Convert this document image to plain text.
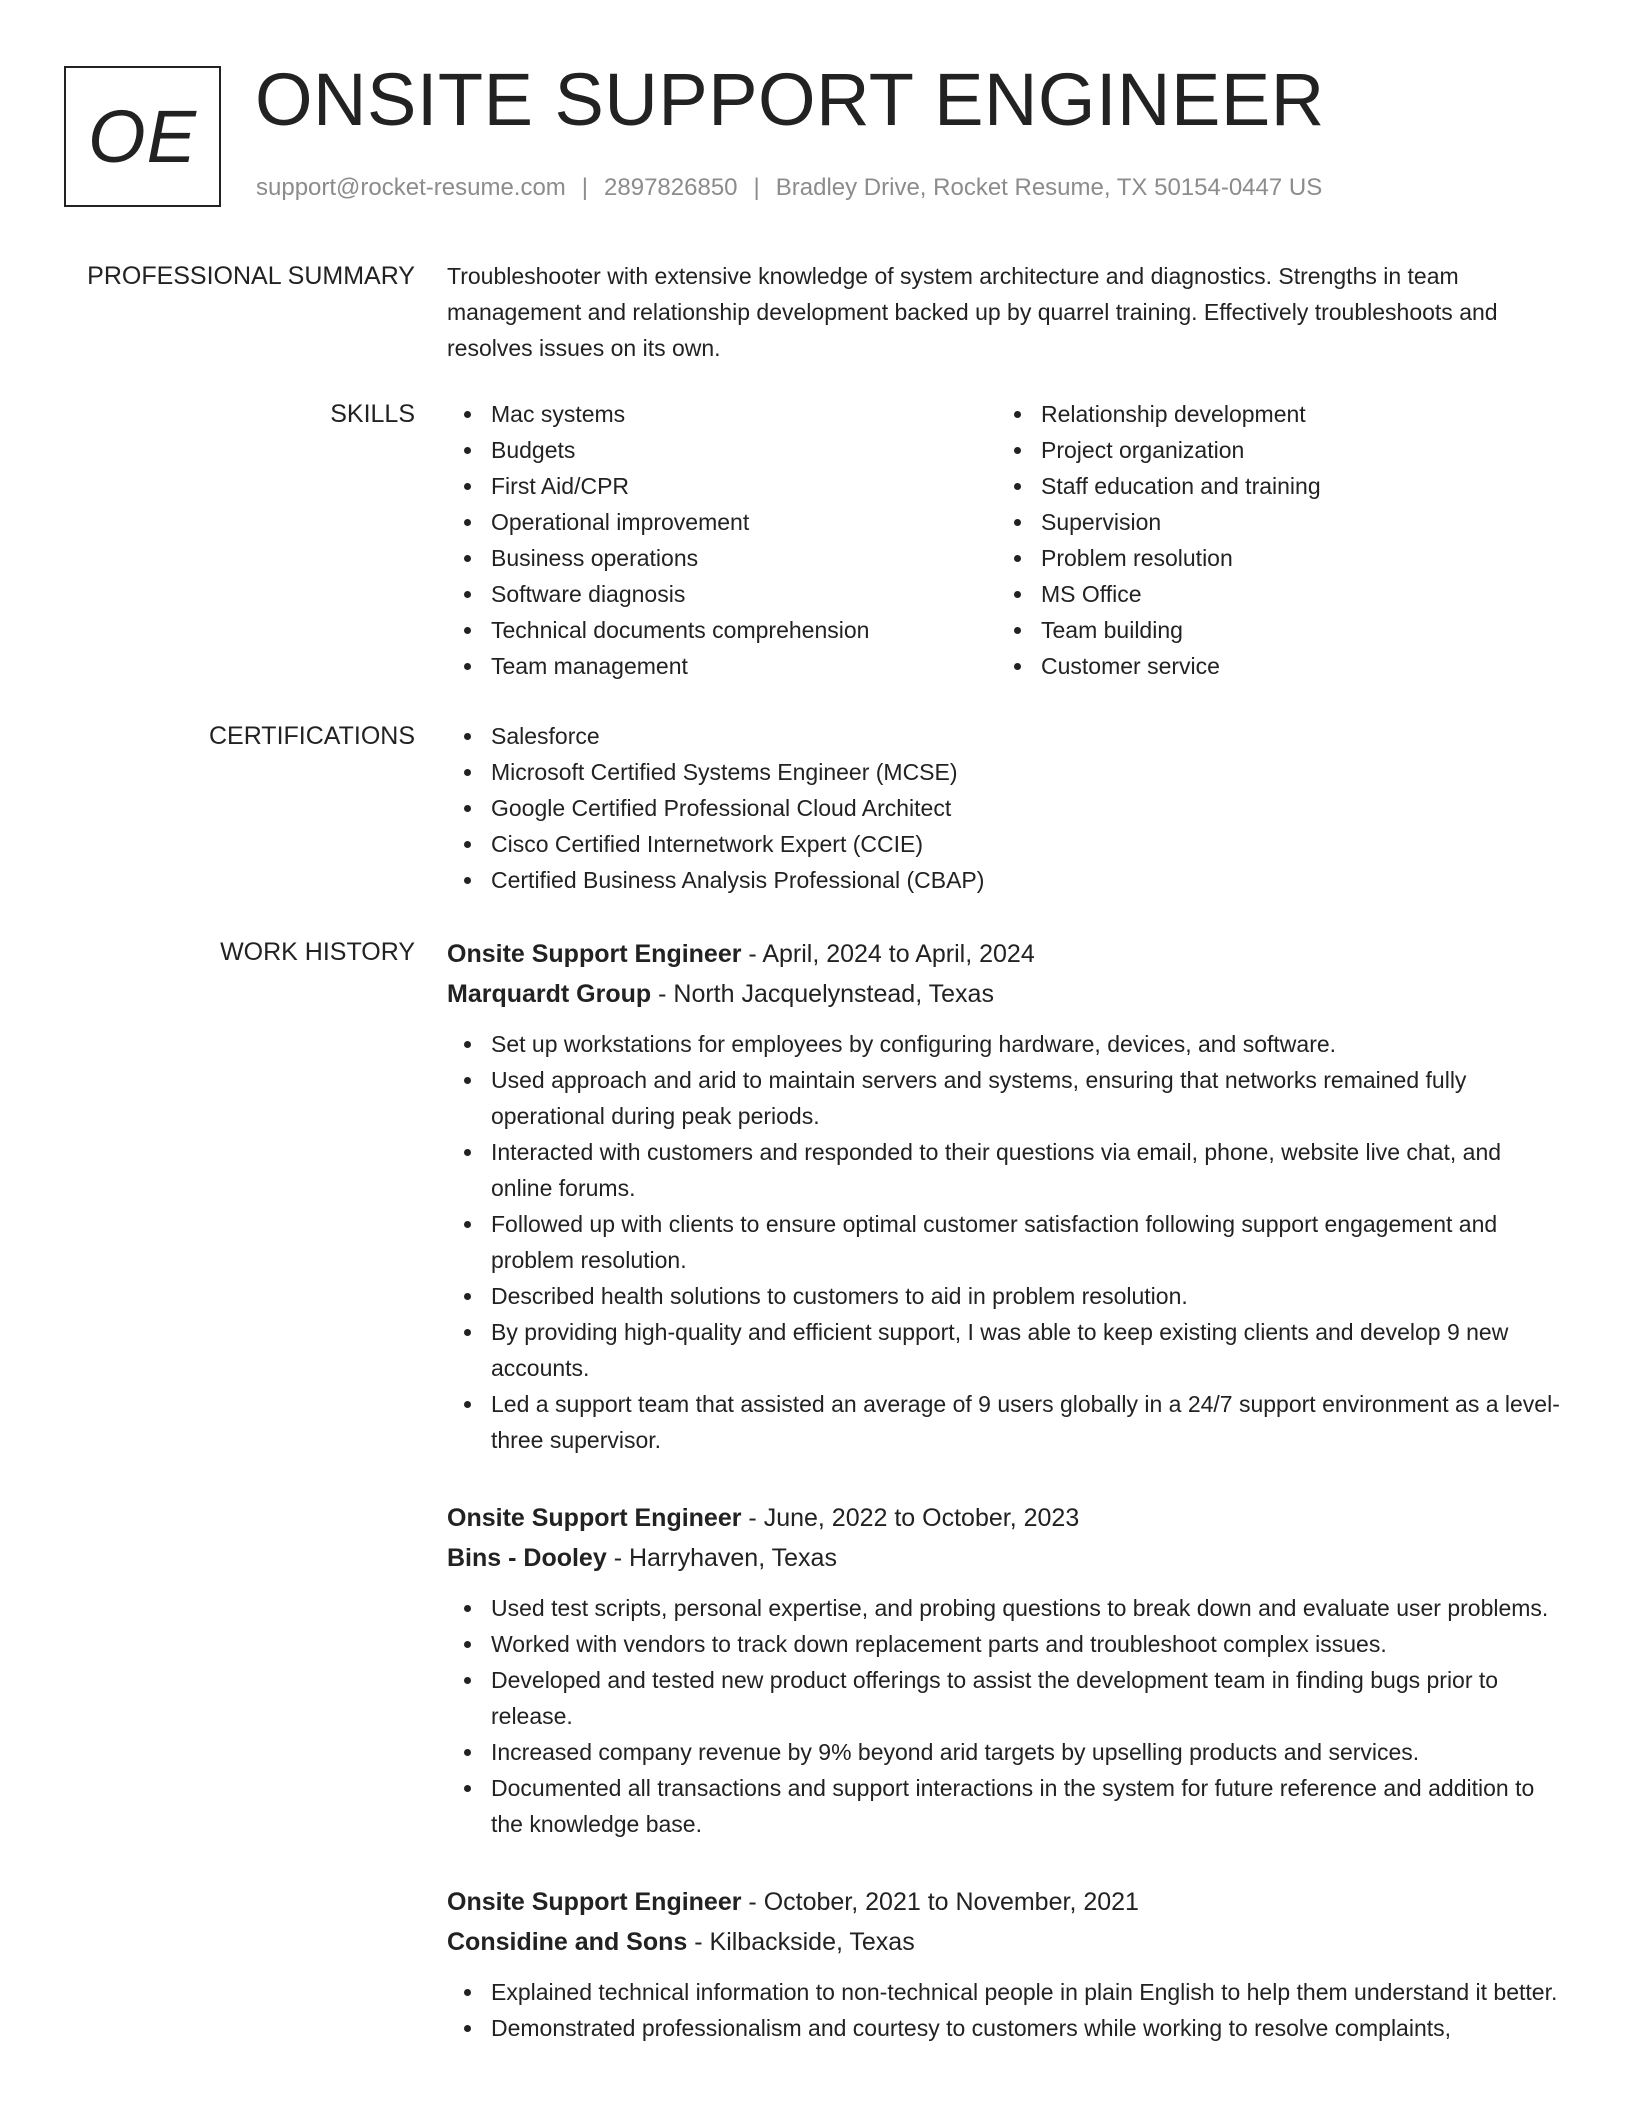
OE ONSITE SUPPORT ENGINEER
support@rocket-resume.com | 2897826850 | Bradley Drive, Rocket Resume, TX 50154-0447 US
PROFESSIONAL SUMMARY Troubleshooter with extensive knowledge of system architecture and diagnostics. Strengths in team management and relationship development backed up by quarrel training. Effectively troubleshoots and resolves issues on its own.
SKILLS	Mac systems
Budgets
First Aid/CPR
Operational improvement
Business operations
Software diagnosis
Technical documents comprehension
Team management
Relationship development
Project organization
Staff education and training
Supervision
Problem resolution
MS Office
Team building
Customer service
CERTIFICATIONS	Salesforce
Microsoft Certified Systems Engineer (MCSE)
Google Certified Professional Cloud Architect
Cisco Certified Internetwork Expert (CCIE)
Certified Business Analysis Professional (CBAP)
WORK HISTORY Onsite Support Engineer - April, 2024 to April, 2024
Marquardt Group - North Jacquelynstead, Texas
Set up workstations for employees by configuring hardware, devices, and software.
Used approach and arid to maintain servers and systems, ensuring that networks remained fully operational during peak periods.
Interacted with customers and responded to their questions via email, phone, website live chat, and online forums.
Followed up with clients to ensure optimal customer satisfaction following support engagement and problem resolution.
Described health solutions to customers to aid in problem resolution.
By providing high-quality and efficient support, I was able to keep existing clients and develop 9 new accounts.
Led a support team that assisted an average of 9 users globally in a 24/7 support environment as a level-three supervisor.
Onsite Support Engineer - June, 2022 to October, 2023
Bins - Dooley - Harryhaven, Texas
Used test scripts, personal expertise, and probing questions to break down and evaluate user problems.
Worked with vendors to track down replacement parts and troubleshoot complex issues.
Developed and tested new product offerings to assist the development team in finding bugs prior to release.
Increased company revenue by 9% beyond arid targets by upselling products and services.
Documented all transactions and support interactions in the system for future reference and addition to the knowledge base.
Onsite Support Engineer - October, 2021 to November, 2021
Considine and Sons - Kilbackside, Texas
Explained technical information to non-technical people in plain English to help them understand it better.
Demonstrated professionalism and courtesy to customers while working to resolve complaints,
